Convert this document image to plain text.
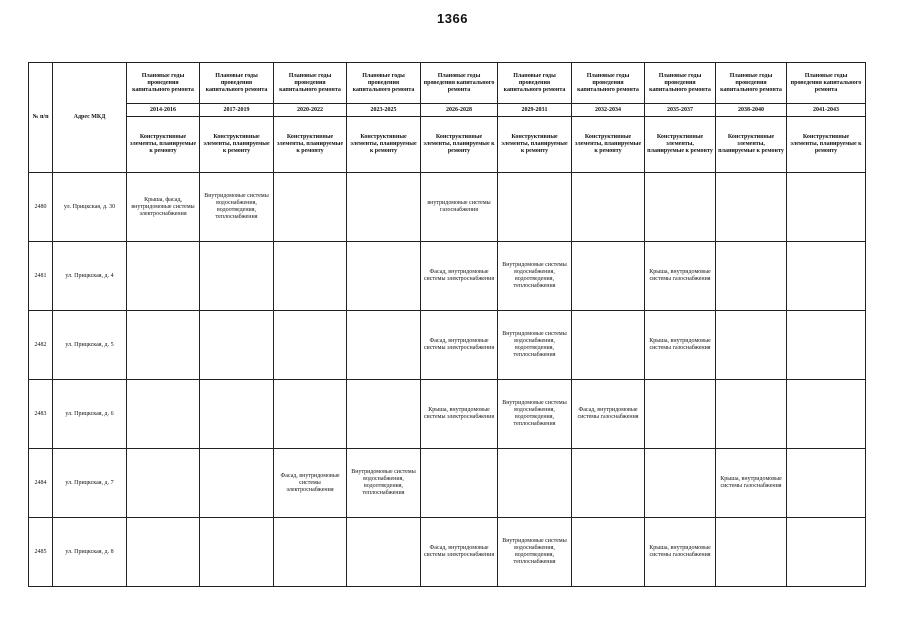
1366
№ п/п	Адрес МКД	Плановые годы проведения капитального ремонта	Плановые годы проведения капитального ремонта	Плановые годы проведения капитального ремонта	Плановые годы проведения капитального ремонта	Плановые годы проведения капитального ремонта	Плановые годы проведения капитального ремонта	Плановые годы проведения капитального ремонта	Плановые годы проведения капитального ремонта	Плановые годы проведения капитального ремонта	Плановые годы проведения капитального ремонта
		2014-2016	2017-2019	2020-2022	2023-2025	2026-2028	2029-2031	2032-2034	2035-2037	2038-2040	2041-2043
		Конструктивные элементы, планируемые к ремонту	Конструктивные элементы, планируемые к ремонту	Конструктивные элементы, планируемые к ремонту	Конструктивные элементы, планируемые к ремонту	Конструктивные элементы, планируемые к ремонту	Конструктивные элементы, планируемые к ремонту	Конструктивные элементы, планируемые к ремонту	Конструктивные элементы, планируемые к ремонту	Конструктивные элементы, планируемые к ремонту	Конструктивные элементы, планируемые к ремонту
2480	ул. Прицкская, д. 30	Крыша, фасад, внутридомовые системы электроснабжения	Внутридомовые системы водоснабжения, водоотведения, теплоснабжения			внутридомовые системы газоснабжения					
2481	ул. Прицкская, д. 4					Фасад, внутридомовые системы электроснабжения	Внутридомовые системы водоснабжения, водоотведения, теплоснабжения		Крыша, внутридомовые системы газоснабжения		
2482	ул. Прицкская, д. 5					Фасад, внутридомовые системы электроснабжения	Внутридомовые системы водоснабжения, водоотведения, теплоснабжения		Крыша, внутридомовые системы газоснабжения		
2483	ул. Прицкская, д. 6					Крыша, внутридомовые системы электроснабжения	Внутридомовые системы водоснабжения, водоотведения, теплоснабжения	Фасад, внутридомовые системы газоснабжения			
2484	ул. Прицкская, д. 7			Фасад, внутридомовые системы электроснабжения	Внутридомовые системы водоснабжения, водоотведения, теплоснабжения					Крыша, внутридомовые системы газоснабжения	
2485	ул. Прицкская, д. 8					Фасад, внутридомовые системы электроснабжения	Внутридомовые системы водоснабжения, водоотведения, теплоснабжения		Крыша, внутридомовые системы газоснабжения		
